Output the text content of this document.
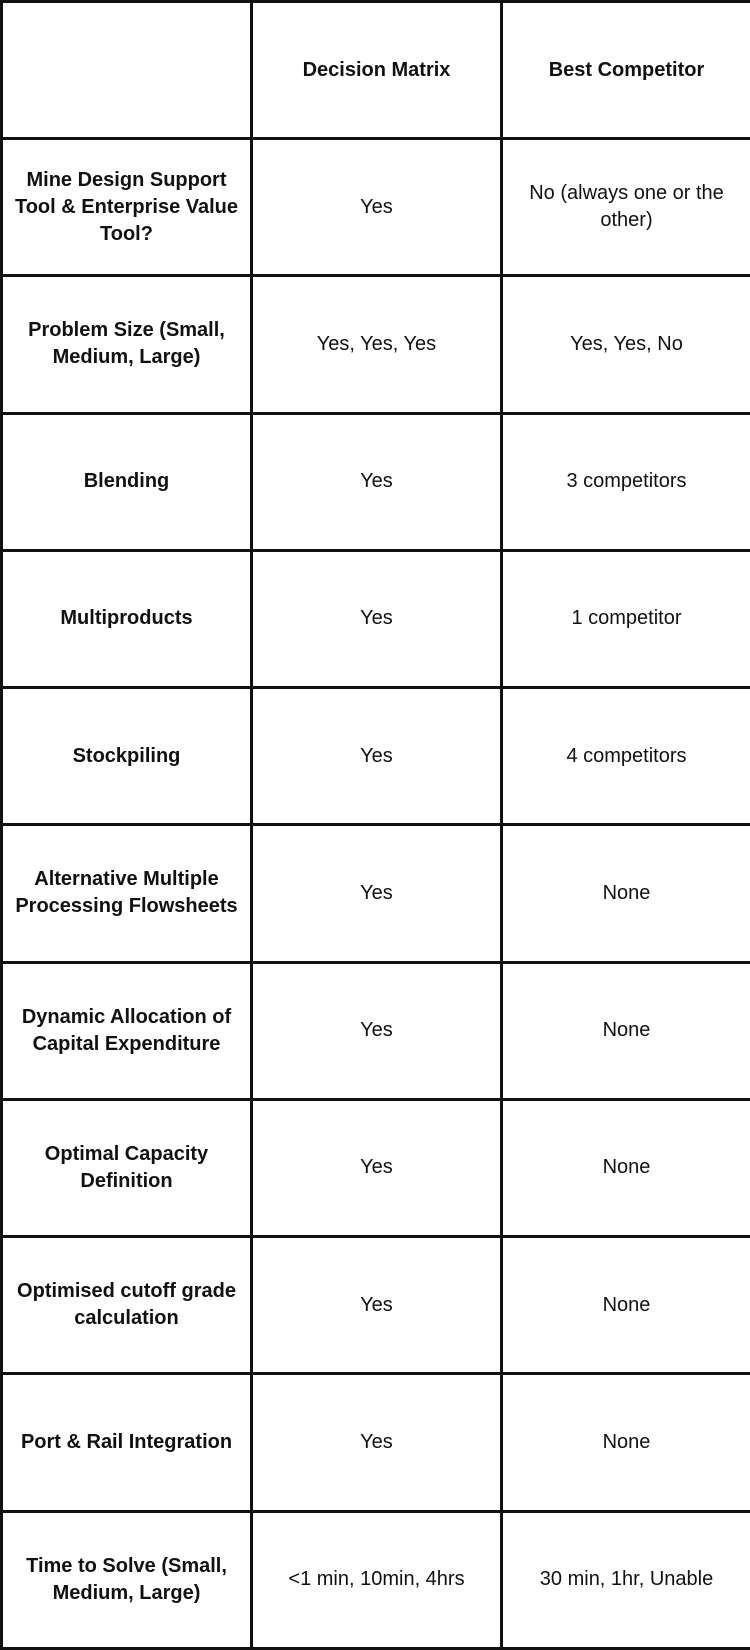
	Decision Matrix	Best Competitor
Mine Design Support Tool & Enterprise Value Tool?	Yes	No (always one or the other)
Problem Size (Small, Medium, Large)	Yes, Yes, Yes	Yes, Yes, No
Blending	Yes	3 competitors
Multiproducts	Yes	1 competitor
Stockpiling	Yes	4 competitors
Alternative Multiple Processing Flowsheets	Yes	None
Dynamic Allocation of Capital Expenditure	Yes	None
Optimal Capacity Definition	Yes	None
Optimised cutoff grade calculation	Yes	None
Port & Rail Integration	Yes	None
Time to Solve (Small, Medium, Large)	<1 min, 10min, 4hrs	30 min, 1hr, Unable
